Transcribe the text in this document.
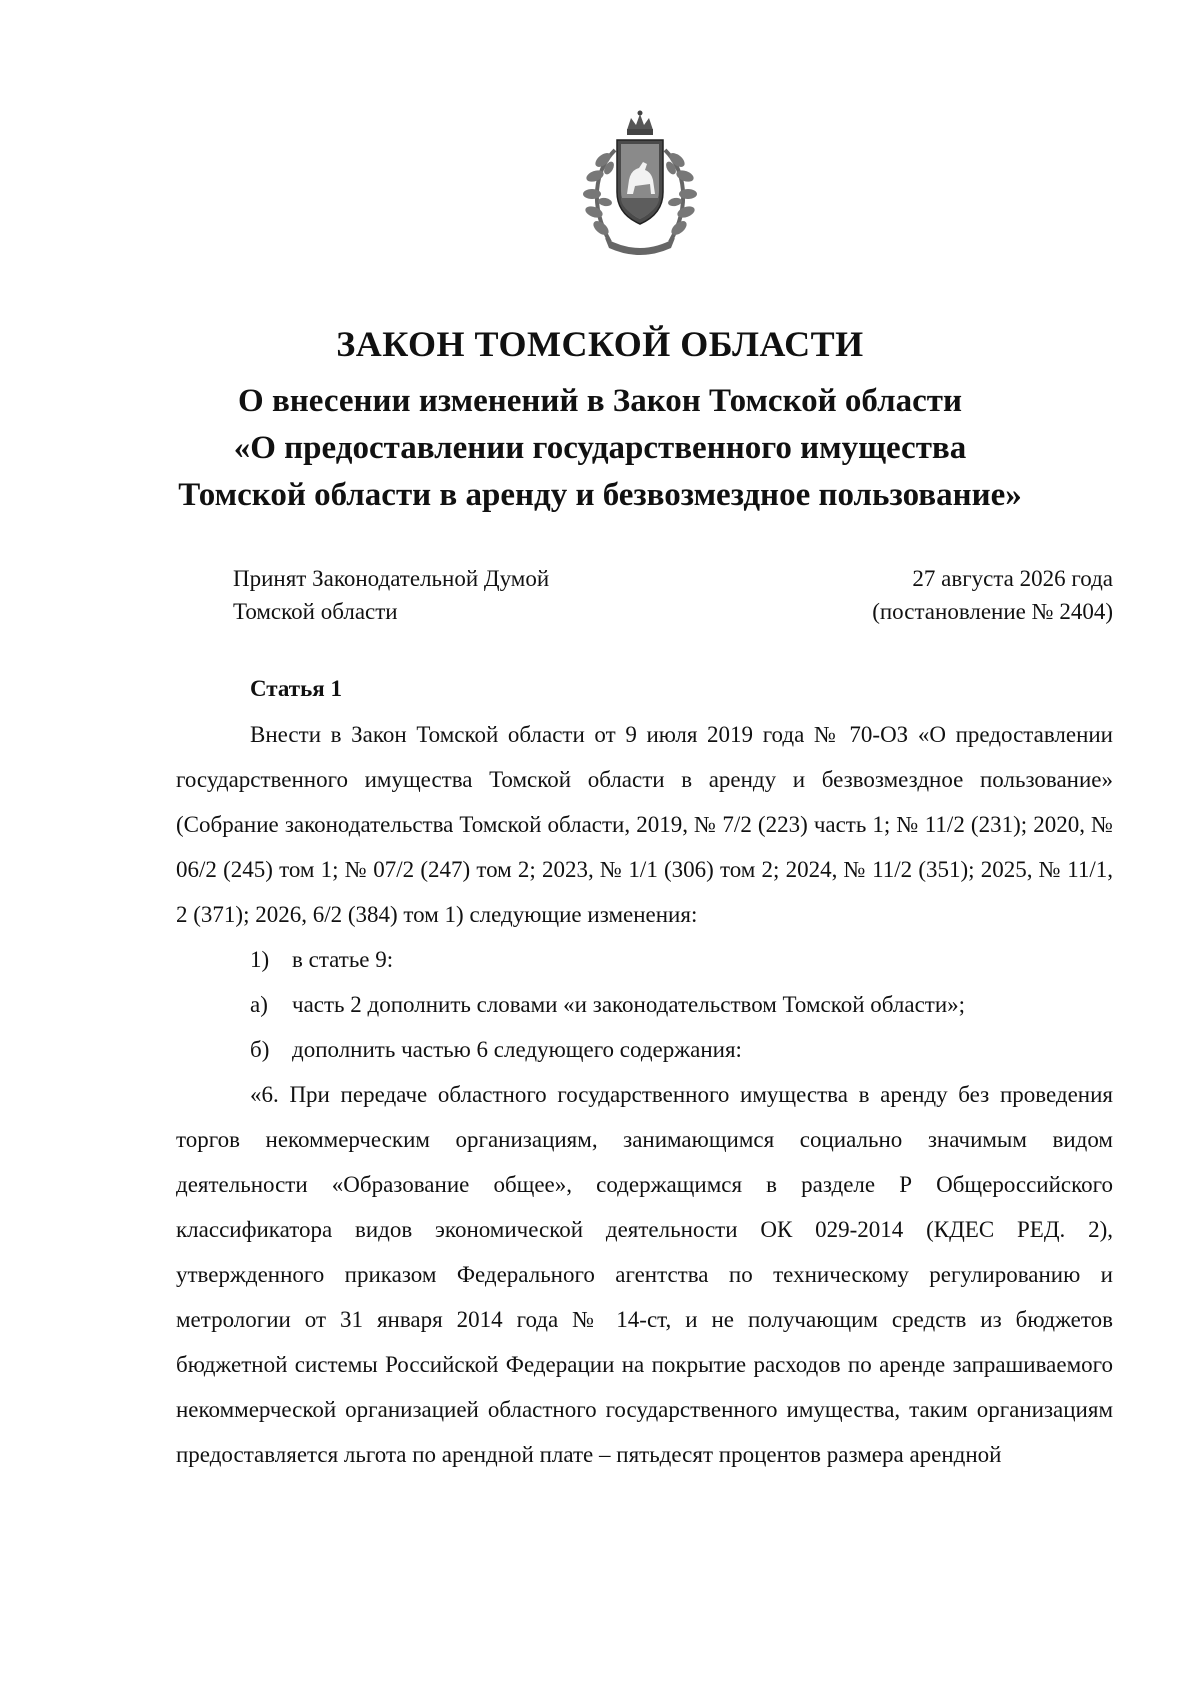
ЗАКОН ТОМСКОЙ ОБЛАСТИ
О внесении изменений в Закон Томской области
«О предоставлении государственного имущества
Томской области в аренду и безвозмездное пользование»
Принят Законодательной Думой
Томской области
27 августа 2026 года
(постановление № 2404)
Статья 1

Внести в Закон Томской области от 9 июля 2019 года № 70-ОЗ «О предоставлении государственного имущества Томской области в аренду и безвозмездное пользование» (Собрание законодательства Томской области, 2019, № 7/2 (223) часть 1; № 11/2 (231); 2020, № 06/2 (245) том 1; № 07/2 (247) том 2; 2023, № 1/1 (306) том 2; 2024, № 11/2 (351); 2025, № 11/1, 2 (371); 2026, 6/2 (384) том 1) следующие изменения:

1) в статье 9:

а) часть 2 дополнить словами «и законодательством Томской области»;

б) дополнить частью 6 следующего содержания:

«6. При передаче областного государственного имущества в аренду без проведения торгов некоммерческим организациям, занимающимся социально значимым видом деятельности «Образование общее», содержащимся в разделе Р Общероссийского классификатора видов экономической деятельности ОК 029-2014 (КДЕС РЕД. 2), утвержденного приказом Федерального агентства по техническому регулированию и метрологии от 31 января 2014 года № 14-ст, и не получающим средств из бюджетов бюджетной системы Российской Федерации на покрытие расходов по аренде запрашиваемого некоммерческой организацией областного государственного имущества, таким организациям предоставляется льгота по арендной плате – пятьдесят процентов размера арендной
